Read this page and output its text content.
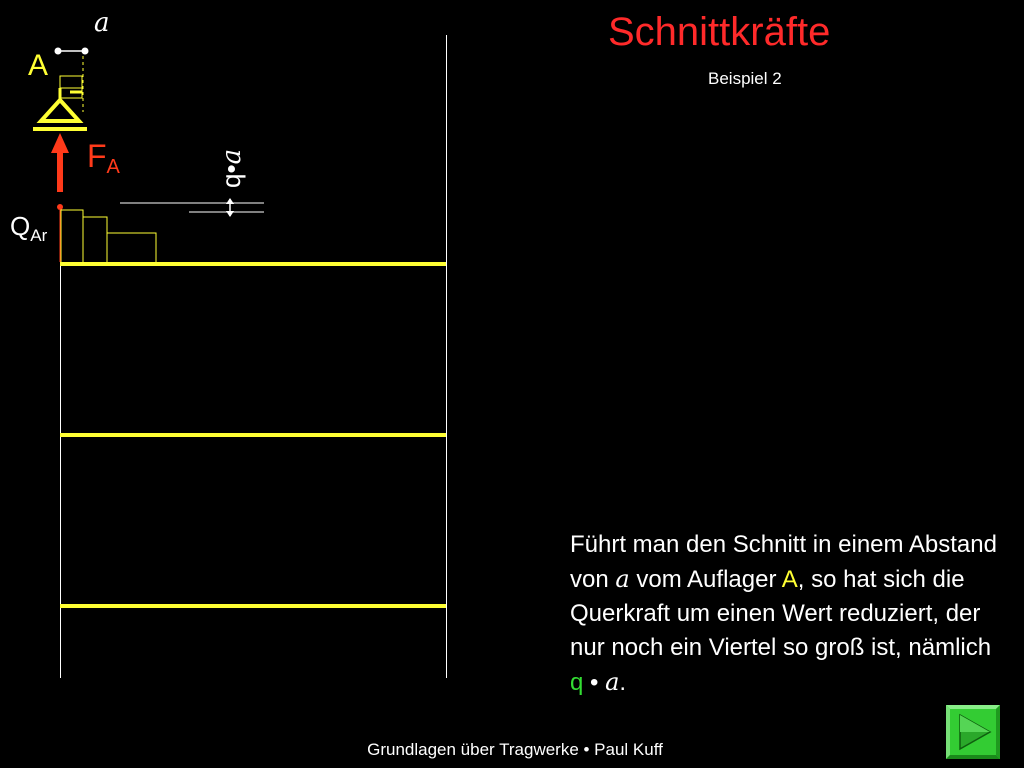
Schnittkräfte
Beispiel 2
a
A
$F_A$
$Q_{Ar}$
q•a
Führt man den Schnitt in einem Abstand von a vom Auflager A, so hat sich die Querkraft um einen Wert reduziert, der nur noch ein Viertel so groß ist, nämlich q • a.
Grundlagen über Tragwerke • Paul Kuff
